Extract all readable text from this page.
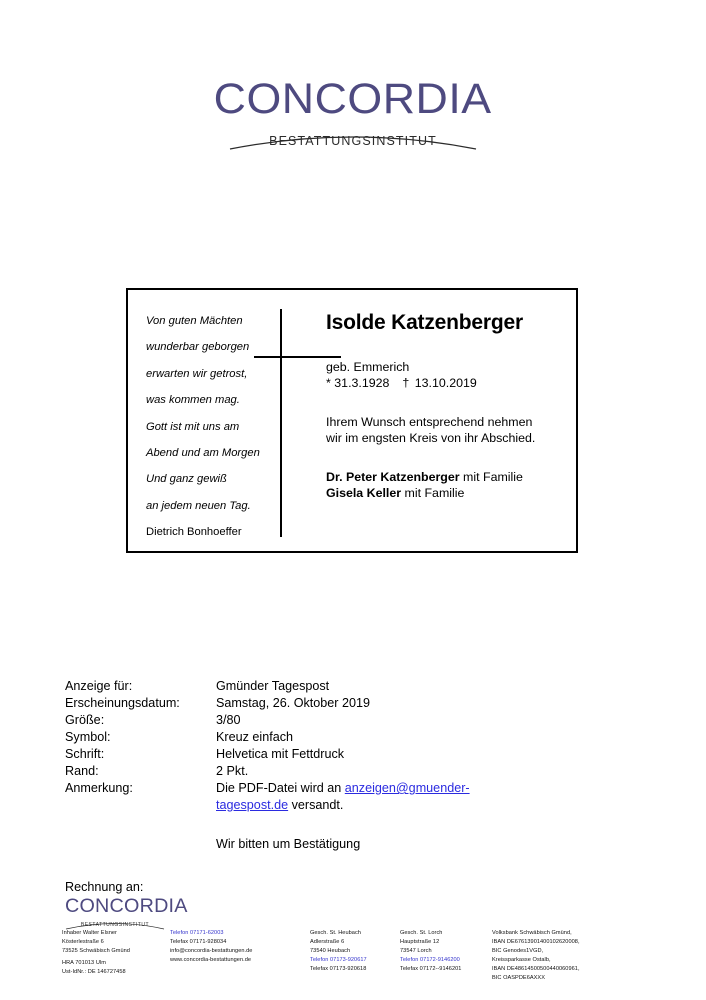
CONCORDIA
BESTATTUNGSINSTITUT
Von guten Mächten
wunderbar geborgen
erwarten wir getrost,
was kommen mag.
Gott ist mit uns am
Abend und am Morgen
Und ganz gewiß
an jedem neuen Tag.
Dietrich Bonhoeffer
Isolde Katzenberger
geb. Emmerich
* 31.3.1928 † 13.10.2019
Ihrem Wunsch entsprechend nehmen
wir im engsten Kreis von ihr Abschied.
Dr. Peter Katzenberger mit Familie
Gisela Keller mit Familie
Anzeige für:	Gmünder Tagespost
Erscheinungsdatum:	Samstag, 26. Oktober 2019
Größe:	3/80
Symbol:	Kreuz einfach
Schrift:	Helvetica mit Fettdruck
Rand:	2 Pkt.
Anmerkung:	Die PDF-Datei wird an anzeigen@gmuender-
tagespost.de versandt.
Wir bitten um Bestätigung
Rechnung an:
CONCORDIA
BESTATTUNGSINSTITUT
Inhaber Walter Elsner
Kösterlestraße 6
73525 Schwäbisch Gmünd
HRA 701013 Ulm
Ust-IdNr.: DE 146727458
Telefon 07171-62003
Telefax 07171-928034
info@concordia-bestattungen.de
www.concordia-bestattungen.de
Gesch. St. Heubach
Adlerstraße 6
73540 Heubach
Telefon 07173-920617
Telefax 07173-920618
Gesch. St. Lorch
Hauptstraße 12
73547 Lorch
Telefon 07172-9146200
Telefax 07172--9146201
Volksbank Schwäbisch Gmünd,
IBAN DE67613901400102620008,
BIC Genodes1VGD,
Kreissparkasse Ostalb,
IBAN DE48614500500440060961,
BIC OASPDE6AXXX
